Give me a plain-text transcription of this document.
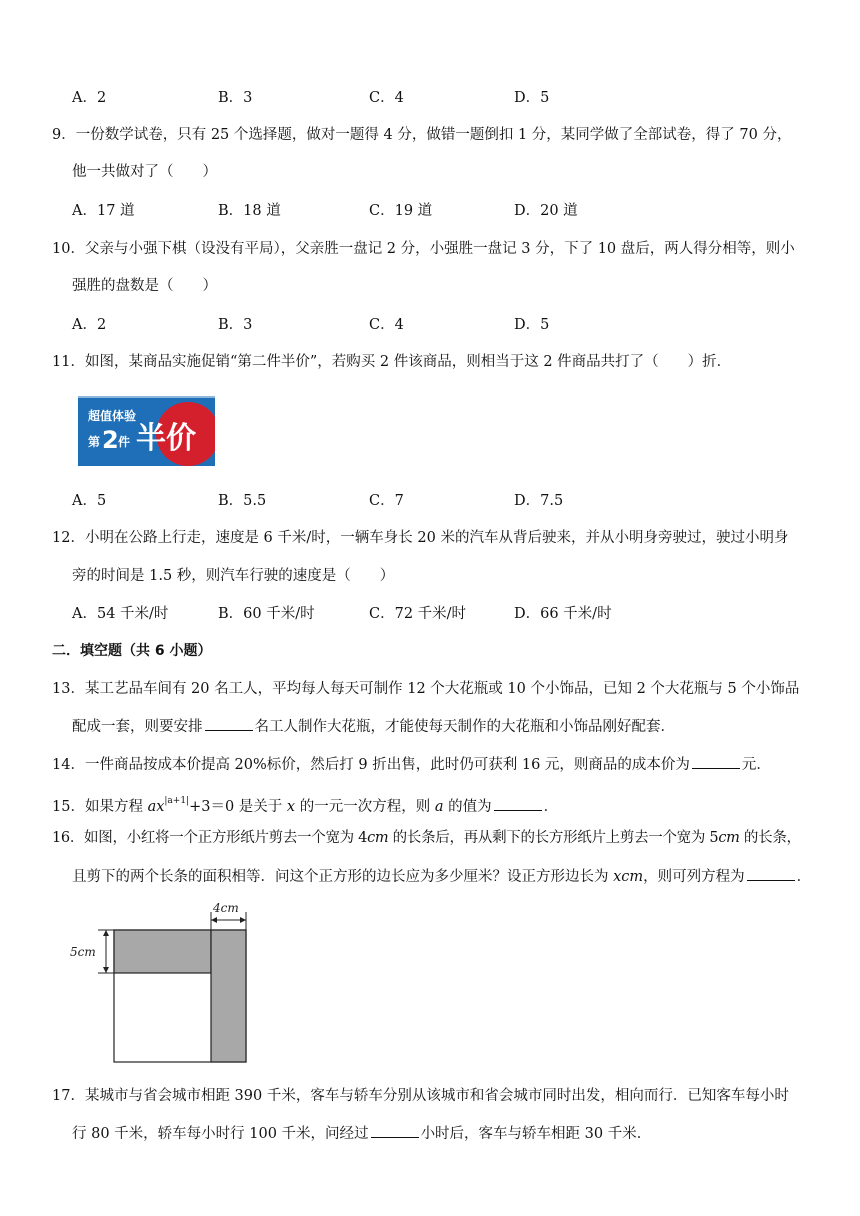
A．2	B．3	C．4	D．5
9．一份数学试卷，只有 25 个选择题，做对一题得 4 分，做错一题倒扣 1 分，某同学做了全部试卷，得了 70 分，
他一共做对了（　　）
A．17 道	B．18 道	C．19 道	D．20 道
10．父亲与小强下棋（设没有平局），父亲胜一盘记 2 分，小强胜一盘记 3 分，下了 10 盘后，两人得分相等，则小
强胜的盘数是（　　）
A．2	B．3	C．4	D．5
11．如图，某商品实施促销“第二件半价”，若购买 2 件该商品，则相当于这 2 件商品共打了（　　）折．
超值体验
第 2 件 半价
A．5	B．5.5	C．7	D．7.5
12．小明在公路上行走，速度是 6 千米/时，一辆车身长 20 米的汽车从背后驶来，并从小明身旁驶过，驶过小明身
旁的时间是 1.5 秒，则汽车行驶的速度是（　　）
A．54 千米/时	B．60 千米/时	C．72 千米/时	D．66 千米/时
二．填空题（共 6 小题）
13．某工艺品车间有 20 名工人，平均每人每天可制作 12 个大花瓶或 10 个小饰品，已知 2 个大花瓶与 5 个小饰品
配成一套，则要安排	名工人制作大花瓶，才能使每天制作的大花瓶和小饰品刚好配套．
14．一件商品按成本价提高 20%标价，然后打 9 折出售，此时仍可获利 16 元，则商品的成本价为	元．
15．如果方程 $ax^{|a+1|}+3=0$ 是关于 x 的一元一次方程，则 a 的值为	．
16．如图，小红将一个正方形纸片剪去一个宽为 4cm 的长条后，再从剩下的长方形纸片上剪去一个宽为 5cm 的长条，
且剪下的两个长条的面积相等．问这个正方形的边长应为多少厘米？设正方形边长为 xcm，则可列方程为	．
4cm
5cm
17．某城市与省会城市相距 390 千米，客车与轿车分别从该城市和省会城市同时出发，相向而行．已知客车每小时
行 80 千米，轿车每小时行 100 千米，问经过	小时后，客车与轿车相距 30 千米．
